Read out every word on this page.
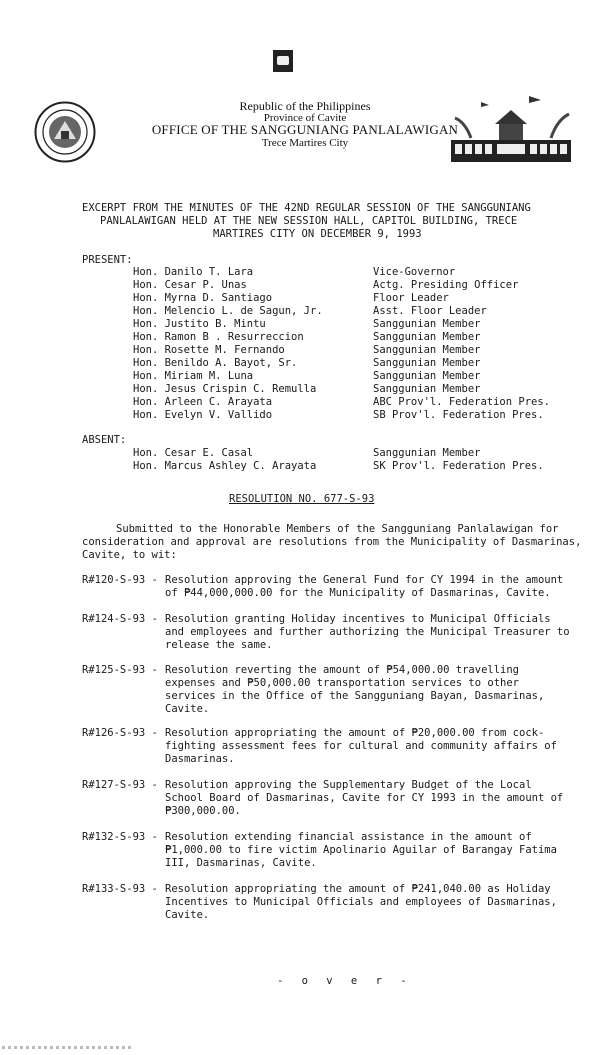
Republic of the Philippines
Province of Cavite
OFFICE OF THE SANGGUNIANG PANLALAWIGAN
Trece Martires City
EXCERPT FROM THE MINUTES OF THE 42ND REGULAR SESSION OF THE SANGGUNIANG
PANLALAWIGAN HELD AT THE NEW SESSION HALL, CAPITOL BUILDING, TRECE
MARTIRES CITY ON DECEMBER 9, 1993
PRESENT:
Hon. Danilo T. Lara	Vice-Governor
Hon. Cesar P. Unas	Actg. Presiding Officer
Hon. Myrna D. Santiago	Floor Leader
Hon. Melencio L. de Sagun, Jr.	Asst. Floor Leader
Hon. Justito B. Mintu	Sanggunian Member
Hon. Ramon B . Resurreccion	Sanggunian Member
Hon. Rosette M. Fernando	Sanggunian Member
Hon. Benildo A. Bayot, Sr.	Sanggunian Member
Hon. Miriam M. Luna	Sanggunian Member
Hon. Jesus Crispin C. Remulla	Sanggunian Member
Hon. Arleen C. Arayata	ABC Prov'l. Federation Pres.
Hon. Evelyn V. Vallido	SB Prov'l. Federation Pres.
ABSENT:
Hon. Cesar E. Casal	Sanggunian Member
Hon. Marcus Ashley C. Arayata	SK Prov'l. Federation Pres.
RESOLUTION NO. 677-S-93
Submitted to the Honorable Members of the Sangguniang Panlalawigan for consideration and approval are resolutions from the Municipality of Dasmarinas, Cavite, to wit:
R#120-S-93 - Resolution approving the General Fund for CY 1994 in the amount of ₱44,000,000.00 for the Municipality of Dasmarinas, Cavite.
R#124-S-93 - Resolution granting Holiday incentives to Municipal Officials and employees and further authorizing the Municipal Treasurer to release the same.
R#125-S-93 - Resolution reverting the amount of ₱54,000.00 travelling expenses and ₱50,000.00 transportation services to other services in the Office of the Sangguniang Bayan, Dasmarinas, Cavite.
R#126-S-93 - Resolution appropriating the amount of ₱20,000.00 from cock-fighting assessment fees for cultural and community affairs of Dasmarinas.
R#127-S-93 - Resolution approving the Supplementary Budget of the Local School Board of Dasmarinas, Cavite for CY 1993 in the amount of ₱300,000.00.
R#132-S-93 - Resolution extending financial assistance in the amount of ₱1,000.00 to fire victim Apolinario Aguilar of Barangay Fatima III, Dasmarinas, Cavite.
R#133-S-93 - Resolution appropriating the amount of ₱241,040.00 as Holiday Incentives to Municipal Officials and employees of Dasmarinas, Cavite.
- o v e r -
